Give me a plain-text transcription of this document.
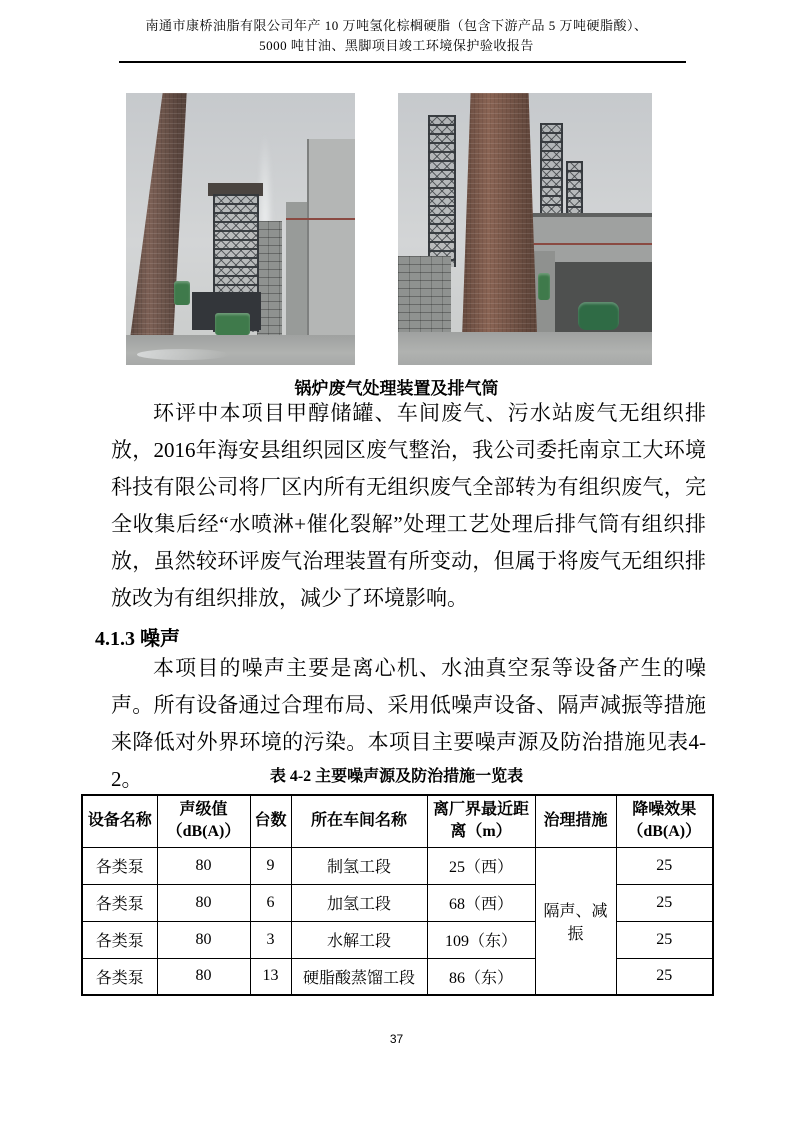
南通市康桥油脂有限公司年产 10 万吨氢化棕榈硬脂（包含下游产品 5 万吨硬脂酸）、
5000 吨甘油、黑脚项目竣工环境保护验收报告
锅炉废气处理装置及排气筒
环评中本项目甲醇储罐、车间废气、污水站废气无组织排放，2016年海安县组织园区废气整治，我公司委托南京工大环境科技有限公司将厂区内所有无组织废气全部转为有组织废气，完全收集后经“水喷淋+催化裂解”处理工艺处理后排气筒有组织排放，虽然较环评废气治理装置有所变动，但属于将废气无组织排放改为有组织排放，减少了环境影响。
4.1.3 噪声
本项目的噪声主要是离心机、水油真空泵等设备产生的噪声。所有设备通过合理布局、采用低噪声设备、隔声减振等措施来降低对外界环境的污染。本项目主要噪声源及防治措施见表4-2。	表 4-2 主要噪声源及防治措施一览表
设备名称	声级值（dB(A)）	台数	所在车间名称	离厂界最近距离（m）	治理措施	降噪效果（dB(A)）
各类泵	80	9	制氢工段	25（西）	隔声、减振	25
各类泵	80	6	加氢工段	68（西）		25
各类泵	80	3	水解工段	109（东）		25
各类泵	80	13	硬脂酸蒸馏工段	86（东）		25
37
